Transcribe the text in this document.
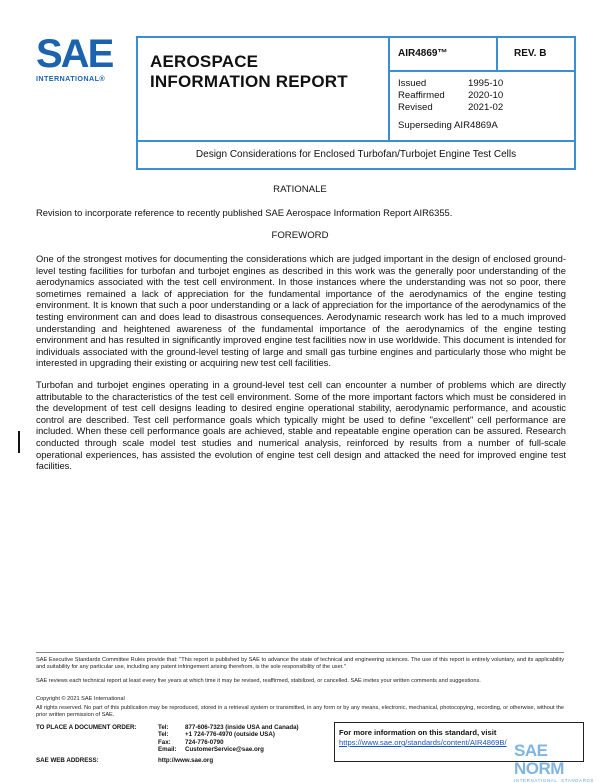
SAE
INTERNATIONAL®
AEROSPACE
INFORMATION REPORT
AIR4869™	REV. B
Issued	1995-10
Reaffirmed	2020-10
Revised	2021-02
Superseding AIR4869A
Design Considerations for Enclosed Turbofan/Turbojet Engine Test Cells
RATIONALE
Revision to incorporate reference to recently published SAE Aerospace Information Report AIR6355.
FOREWORD
One of the strongest motives for documenting the considerations which are judged important in the design of enclosed ground-level testing facilities for turbofan and turbojet engines as described in this work was the generally poor understanding of the aerodynamics associated with the test cell environment. In those instances where the understanding was not so poor, there sometimes remained a lack of appreciation for the fundamental importance of the aerodynamics of the engine testing environment. It is known that such a poor understanding or a lack of appreciation for the importance of the aerodynamics of the testing environment can and does lead to disastrous consequences. Aerodynamic research work has led to a much improved understanding and heightened awareness of the fundamental importance of the aerodynamics of the engine testing environment and has resulted in significantly improved engine test facilities now in use worldwide. This document is intended for individuals associated with the ground-level testing of large and small gas turbine engines and particularly those who might be interested in upgrading their existing or acquiring new test cell facilities.
Turbofan and turbojet engines operating in a ground-level test cell can encounter a number of problems which are directly attributable to the characteristics of the test cell environment. Some of the more important factors which must be considered in the development of test cell designs leading to desired engine operational stability, aerodynamic performance, and acoustic control are described. Test cell performance goals which typically might be used to define "excellent" cell performance are included. When these cell performance goals are achieved, stable and repeatable engine operation can be assured. Research conducted through scale model test studies and numerical analysis, reinforced by results from a number of full-scale operational experiences, has assisted the evolution of engine test cell design and attacked the need for improved engine test facilities.
SAE Executive Standards Committee Rules provide that: "This report is published by SAE to advance the state of technical and engineering sciences. The use of this report is entirely voluntary, and its applicability and suitability for any particular use, including any patent infringement arising therefrom, is the sole responsibility of the user."
SAE reviews each technical report at least every five years at which time it may be revised, reaffirmed, stabilized, or cancelled. SAE invites your written comments and suggestions.
Copyright © 2021 SAE International
All rights reserved. No part of this publication may be reproduced, stored in a retrieval system or transmitted, in any form or by any means, electronic, mechanical, photocopying, recording, or otherwise, without the prior written permission of SAE.
TO PLACE A DOCUMENT ORDER:	Tel:	877-606-7323 (inside USA and Canada)
Tel:	+1 724-776-4970 (outside USA)
Fax:	724-776-0790
Email:	CustomerService@sae.org
SAE WEB ADDRESS:	http://www.sae.org
For more information on this standard, visit
https://www.sae.org/standards/content/AIR4869B/ SAE NORM
INTERNATIONAL STANDARDS
